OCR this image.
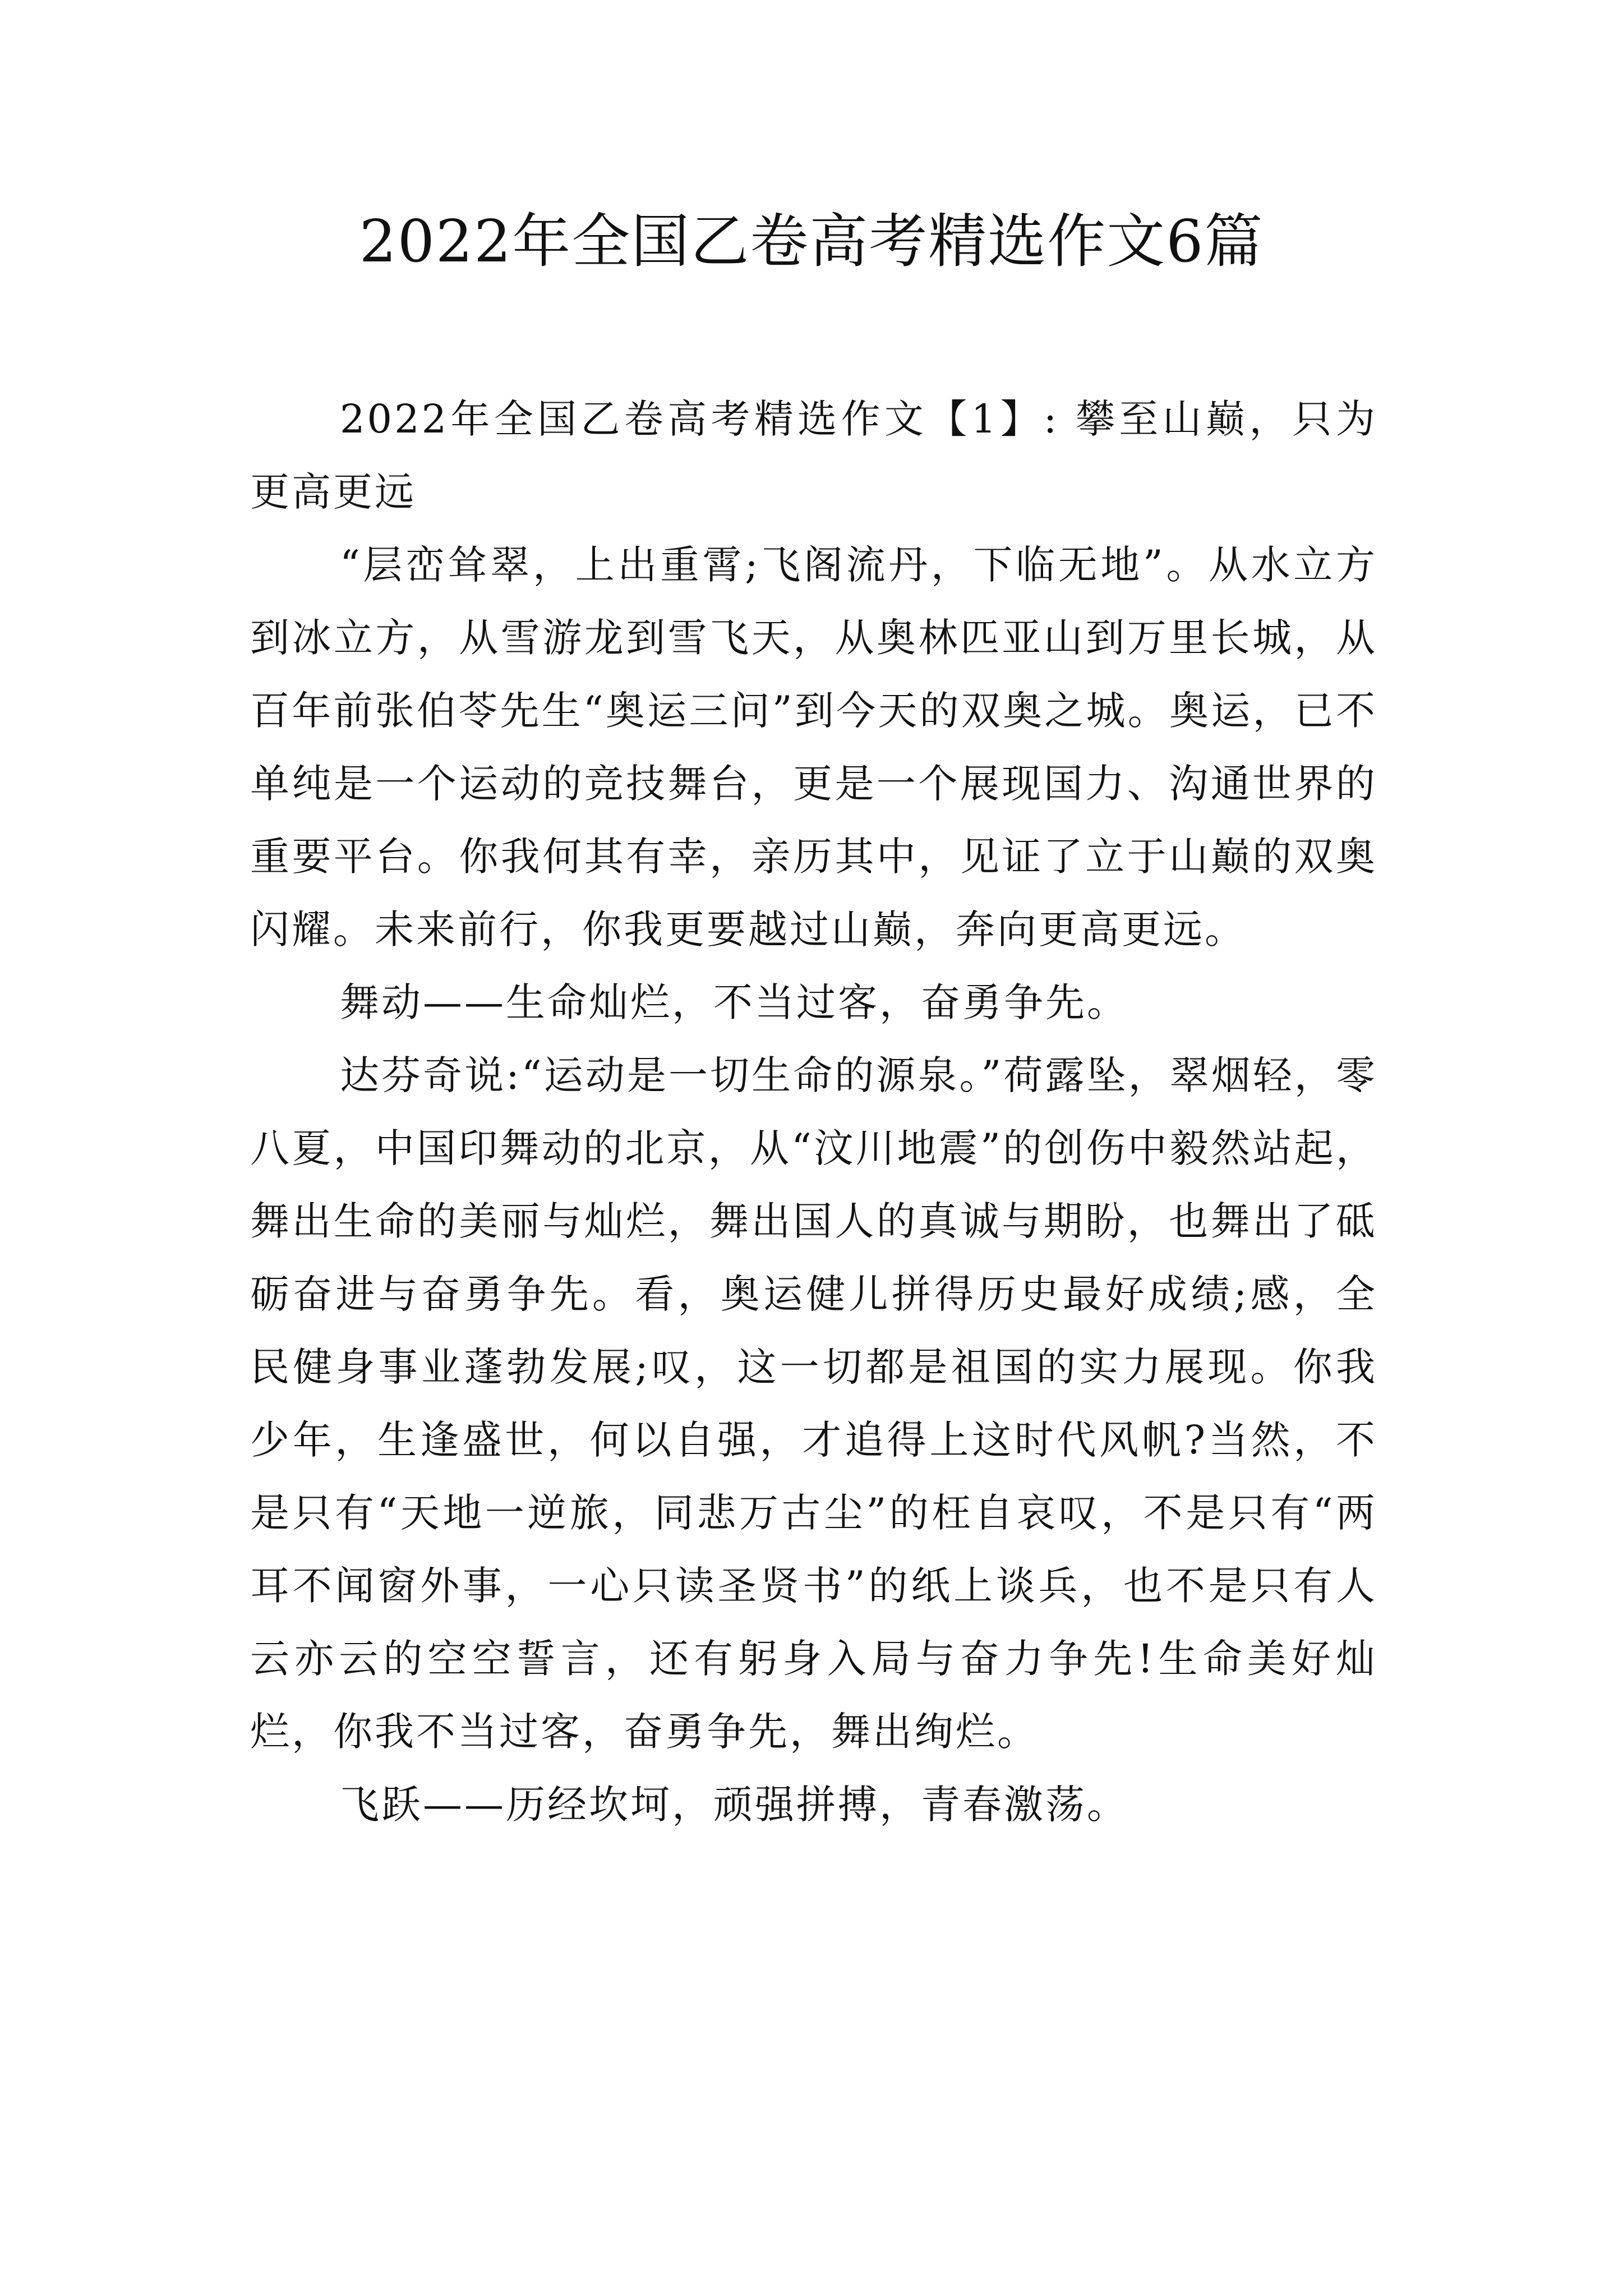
2022年全国乙卷高考精选作文6篇

2022年全国乙卷高考精选作文【1】: 攀至山巅，只为更高更远

“层峦耸翠，上出重霄;飞阁流丹，下临无地”。从水立方到冰立方，从雪游龙到雪飞天，从奥林匹亚山到万里长城，从百年前张伯苓先生“奥运三问”到今天的双奥之城。奥运，已不单纯是一个运动的竞技舞台，更是一个展现国力、沟通世界的重要平台。你我何其有幸，亲历其中，见证了立于山巅的双奥闪耀。未来前行，你我更要越过山巅，奔向更高更远。

舞动——生命灿烂，不当过客，奋勇争先。

达芬奇说:“运动是一切生命的源泉。”荷露坠，翠烟轻，零八夏，中国印舞动的北京，从“汶川地震”的创伤中毅然站起，舞出生命的美丽与灿烂，舞出国人的真诚与期盼，也舞出了砥砺奋进与奋勇争先。看，奥运健儿拼得历史最好成绩;感，全民健身事业蓬勃发展;叹，这一切都是祖国的实力展现。你我少年，生逢盛世，何以自强，才追得上这时代风帆?当然，不是只有“天地一逆旅，同悲万古尘”的枉自哀叹，不是只有“两耳不闻窗外事，一心只读圣贤书”的纸上谈兵，也不是只有人云亦云的空空誓言，还有躬身入局与奋力争先!生命美好灿烂，你我不当过客，奋勇争先，舞出绚烂。

飞跃——历经坎坷，顽强拼搏，青春激荡。
